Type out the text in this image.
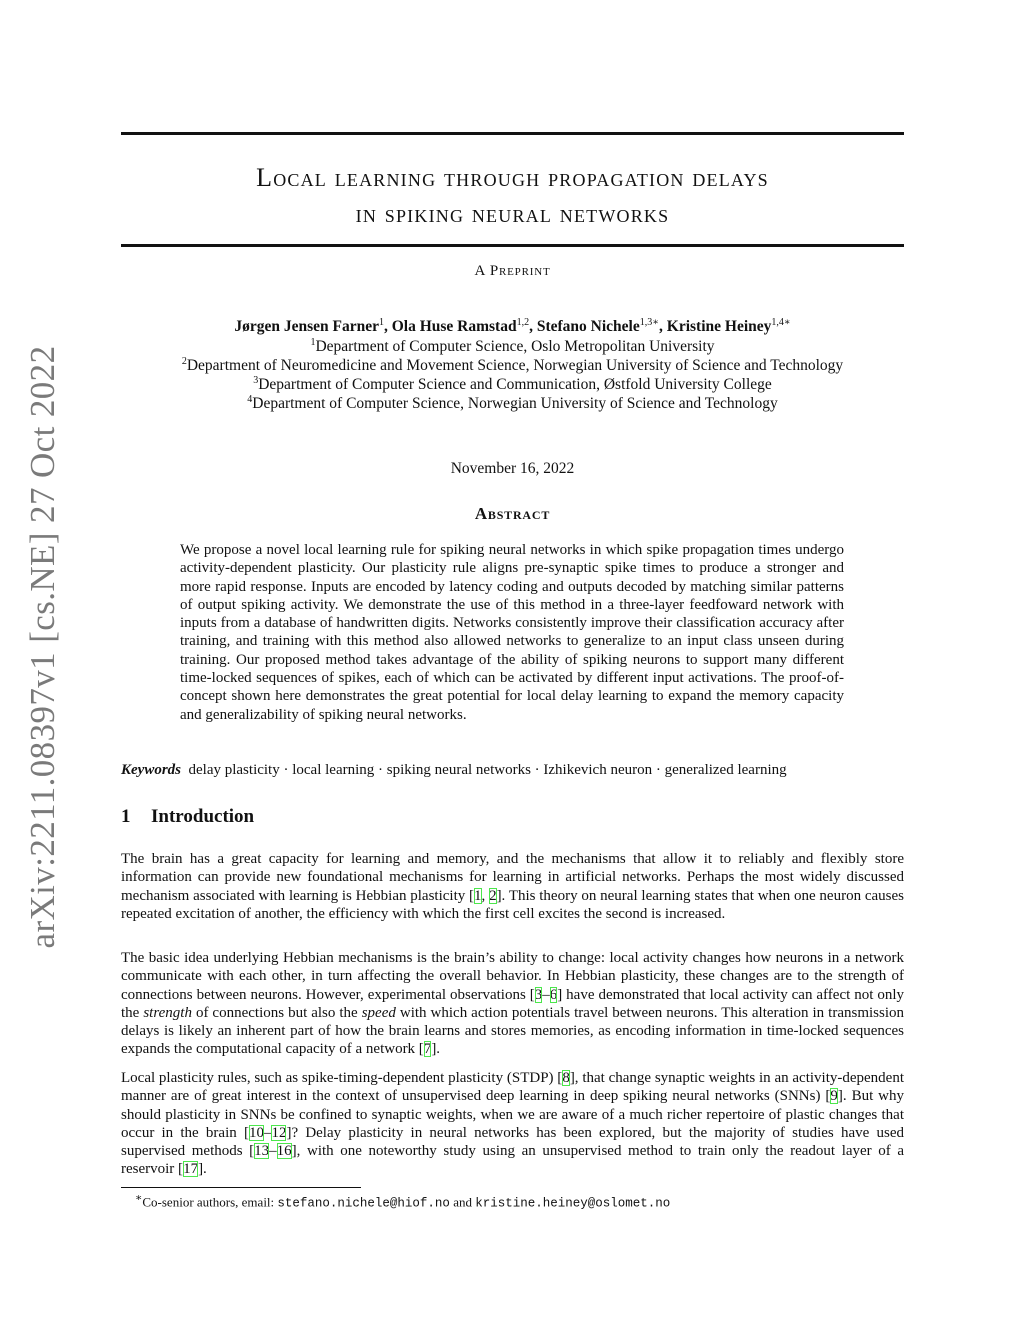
arXiv:2211.08397v1 [cs.NE] 27 Oct 2022
Local learning through propagation delays
in spiking neural networks
A Preprint
Jørgen Jensen Farner$^1$, Ola Huse Ramstad$^{1,2}$, Stefano Nichele$^{1,3∗}$, Kristine Heiney$^{1,4∗}$
$^1$Department of Computer Science, Oslo Metropolitan University
$^2$Department of Neuromedicine and Movement Science, Norwegian University of Science and Technology
$^3$Department of Computer Science and Communication, Østfold University College
$^4$Department of Computer Science, Norwegian University of Science and Technology
November 16, 2022
Abstract
We propose a novel local learning rule for spiking neural networks in which spike propagation times undergo activity-dependent plasticity. Our plasticity rule aligns pre-synaptic spike times to produce a stronger and more rapid response. Inputs are encoded by latency coding and outputs decoded by matching similar patterns of output spiking activity. We demonstrate the use of this method in a three-layer feedfoward network with inputs from a database of handwritten digits. Networks consistently improve their classification accuracy after training, and training with this method also allowed networks to generalize to an input class unseen during training. Our proposed method takes advantage of the ability of spiking neurons to support many different time-locked sequences of spikes, each of which can be activated by different input activations. The proof-of-concept shown here demonstrates the great potential for local delay learning to expand the memory capacity and generalizability of spiking neural networks.
Keywords delay plasticity · local learning · spiking neural networks · Izhikevich neuron · generalized learning
1 Introduction
The brain has a great capacity for learning and memory, and the mechanisms that allow it to reliably and flexibly store information can provide new foundational mechanisms for learning in artificial networks. Perhaps the most widely discussed mechanism associated with learning is Hebbian plasticity [1, 2]. This theory on neural learning states that when one neuron causes repeated excitation of another, the efficiency with which the first cell excites the second is increased.
The basic idea underlying Hebbian mechanisms is the brain’s ability to change: local activity changes how neurons in a network communicate with each other, in turn affecting the overall behavior. In Hebbian plasticity, these changes are to the strength of connections between neurons. However, experimental observations [3–6] have demonstrated that local activity can affect not only the strength of connections but also the speed with which action potentials travel between neurons. This alteration in transmission delays is likely an inherent part of how the brain learns and stores memories, as encoding information in time-locked sequences expands the computational capacity of a network [7].
Local plasticity rules, such as spike-timing-dependent plasticity (STDP) [8], that change synaptic weights in an activity-dependent manner are of great interest in the context of unsupervised deep learning in deep spiking neural networks (SNNs) [9]. But why should plasticity in SNNs be confined to synaptic weights, when we are aware of a much richer repertoire of plastic changes that occur in the brain [10–12]? Delay plasticity in neural networks has been explored, but the majority of studies have used supervised methods [13–16], with one noteworthy study using an unsupervised method to train only the readout layer of a reservoir [17].
∗Co-senior authors, email: stefano.nichele@hiof.no and kristine.heiney@oslomet.no
